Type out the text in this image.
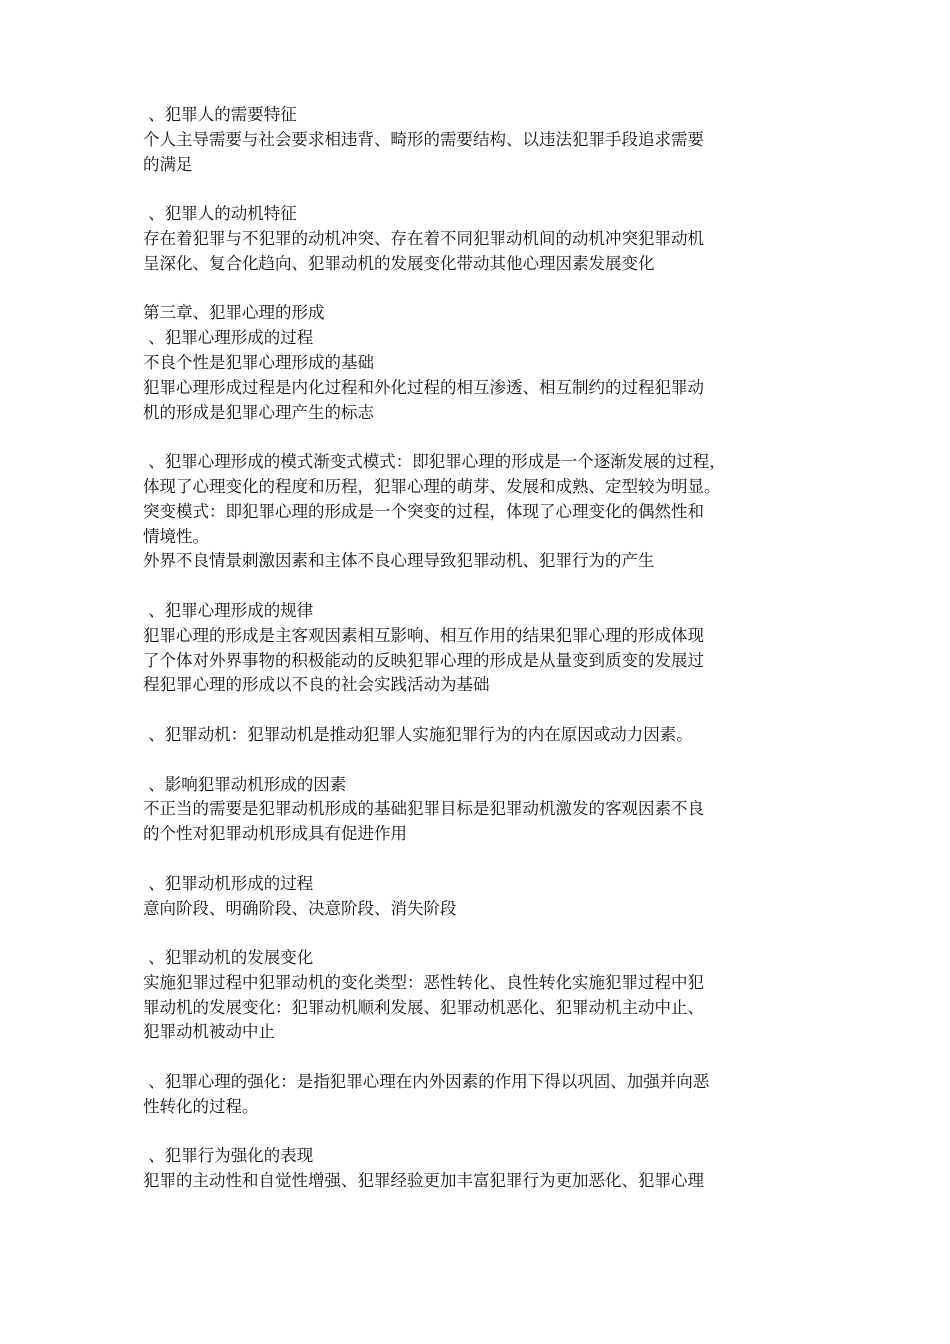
、犯罪人的需要特征

个人主导需要与社会要求相违背、畸形的需要结构、以违法犯罪手段追求需要

的满足

、犯罪人的动机特征

存在着犯罪与不犯罪的动机冲突、存在着不同犯罪动机间的动机冲突犯罪动机

呈深化、复合化趋向、犯罪动机的发展变化带动其他心理因素发展变化

第三章、犯罪心理的形成

、犯罪心理形成的过程

不良个性是犯罪心理形成的基础

犯罪心理形成过程是内化过程和外化过程的相互渗透、相互制约的过程犯罪动

机的形成是犯罪心理产生的标志

、犯罪心理形成的模式渐变式模式：即犯罪心理的形成是一个逐渐发展的过程，

体现了心理变化的程度和历程，犯罪心理的萌芽、发展和成熟、定型较为明显。

突变模式：即犯罪心理的形成是一个突变的过程，体现了心理变化的偶然性和

情境性。

外界不良情景刺激因素和主体不良心理导致犯罪动机、犯罪行为的产生

、犯罪心理形成的规律

犯罪心理的形成是主客观因素相互影响、相互作用的结果犯罪心理的形成体现

了个体对外界事物的积极能动的反映犯罪心理的形成是从量变到质变的发展过

程犯罪心理的形成以不良的社会实践活动为基础

、犯罪动机：犯罪动机是推动犯罪人实施犯罪行为的内在原因或动力因素。

、影响犯罪动机形成的因素

不正当的需要是犯罪动机形成的基础犯罪目标是犯罪动机激发的客观因素不良

的个性对犯罪动机形成具有促进作用

、犯罪动机形成的过程

意向阶段、明确阶段、决意阶段、消失阶段

、犯罪动机的发展变化

实施犯罪过程中犯罪动机的变化类型：恶性转化、良性转化实施犯罪过程中犯

罪动机的发展变化：犯罪动机顺利发展、犯罪动机恶化、犯罪动机主动中止、

犯罪动机被动中止

、犯罪心理的强化：是指犯罪心理在内外因素的作用下得以巩固、加强并向恶

性转化的过程。

、犯罪行为强化的表现

犯罪的主动性和自觉性增强、犯罪经验更加丰富犯罪行为更加恶化、犯罪心理
